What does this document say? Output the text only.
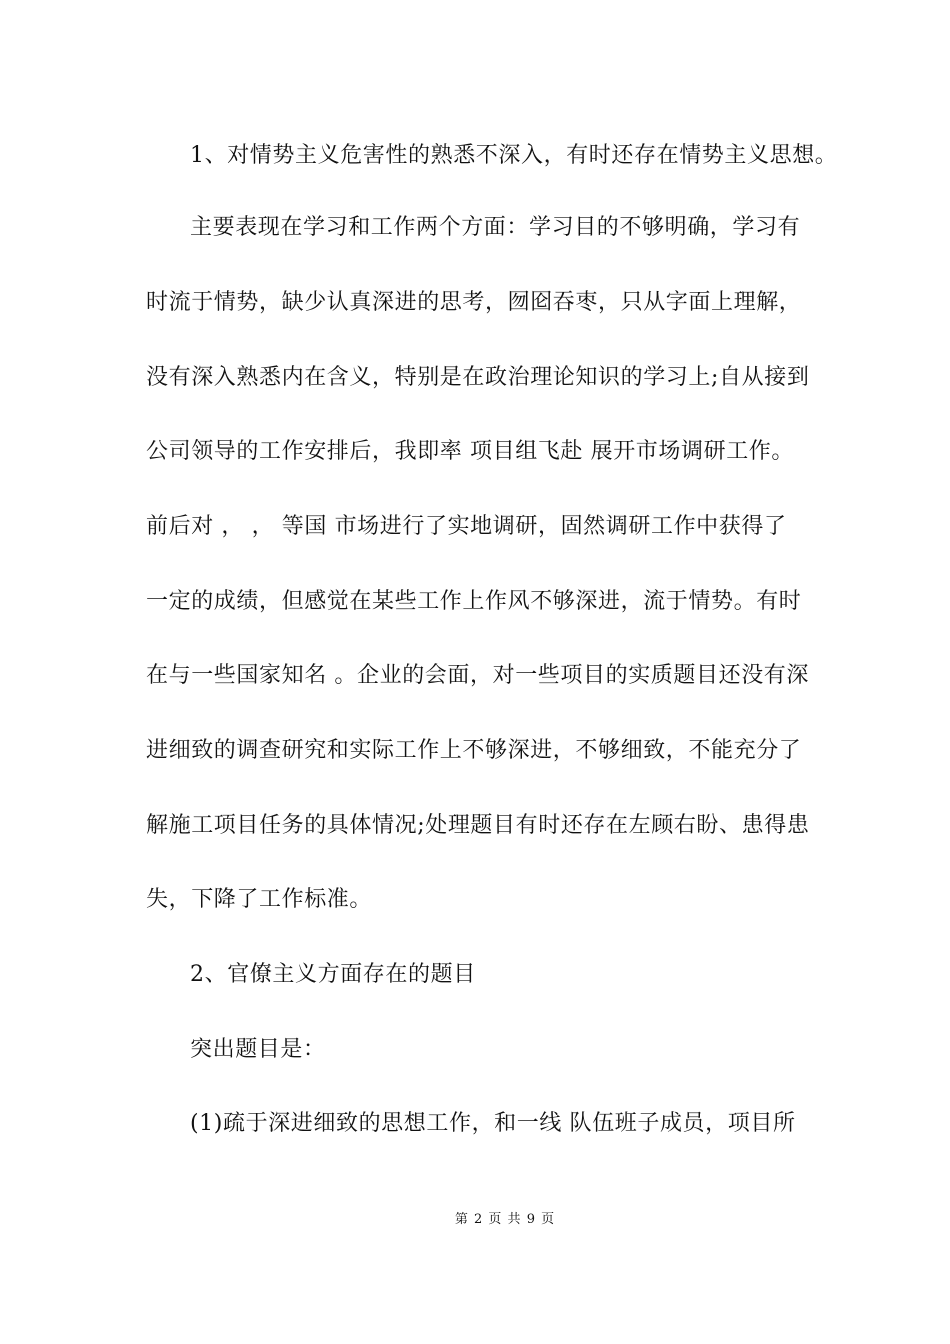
1、对情势主义危害性的熟悉不深入，有时还存在情势主义思想。
主要表现在学习和工作两个方面：学习目的不够明确，学习有
时流于情势，缺少认真深进的思考，囫囵吞枣，只从字面上理解，
没有深入熟悉内在含义，特别是在政治理论知识的学习上;自从接到
公司领导的工作安排后，我即率 项目组飞赴 展开市场调研工作。
前后对 ， ， 等国 市场进行了实地调研，固然调研工作中获得了
一定的成绩，但感觉在某些工作上作风不够深进，流于情势。有时
在与一些国家知名 。企业的会面，对一些项目的实质题目还没有深
进细致的调查研究和实际工作上不够深进，不够细致，不能充分了
解施工项目任务的具体情况;处理题目有时还存在左顾右盼、患得患
失，下降了工作标准。
2、官僚主义方面存在的题目
突出题目是：
(1)疏于深进细致的思想工作，和一线 队伍班子成员，项目所
第 2 页 共 9 页
